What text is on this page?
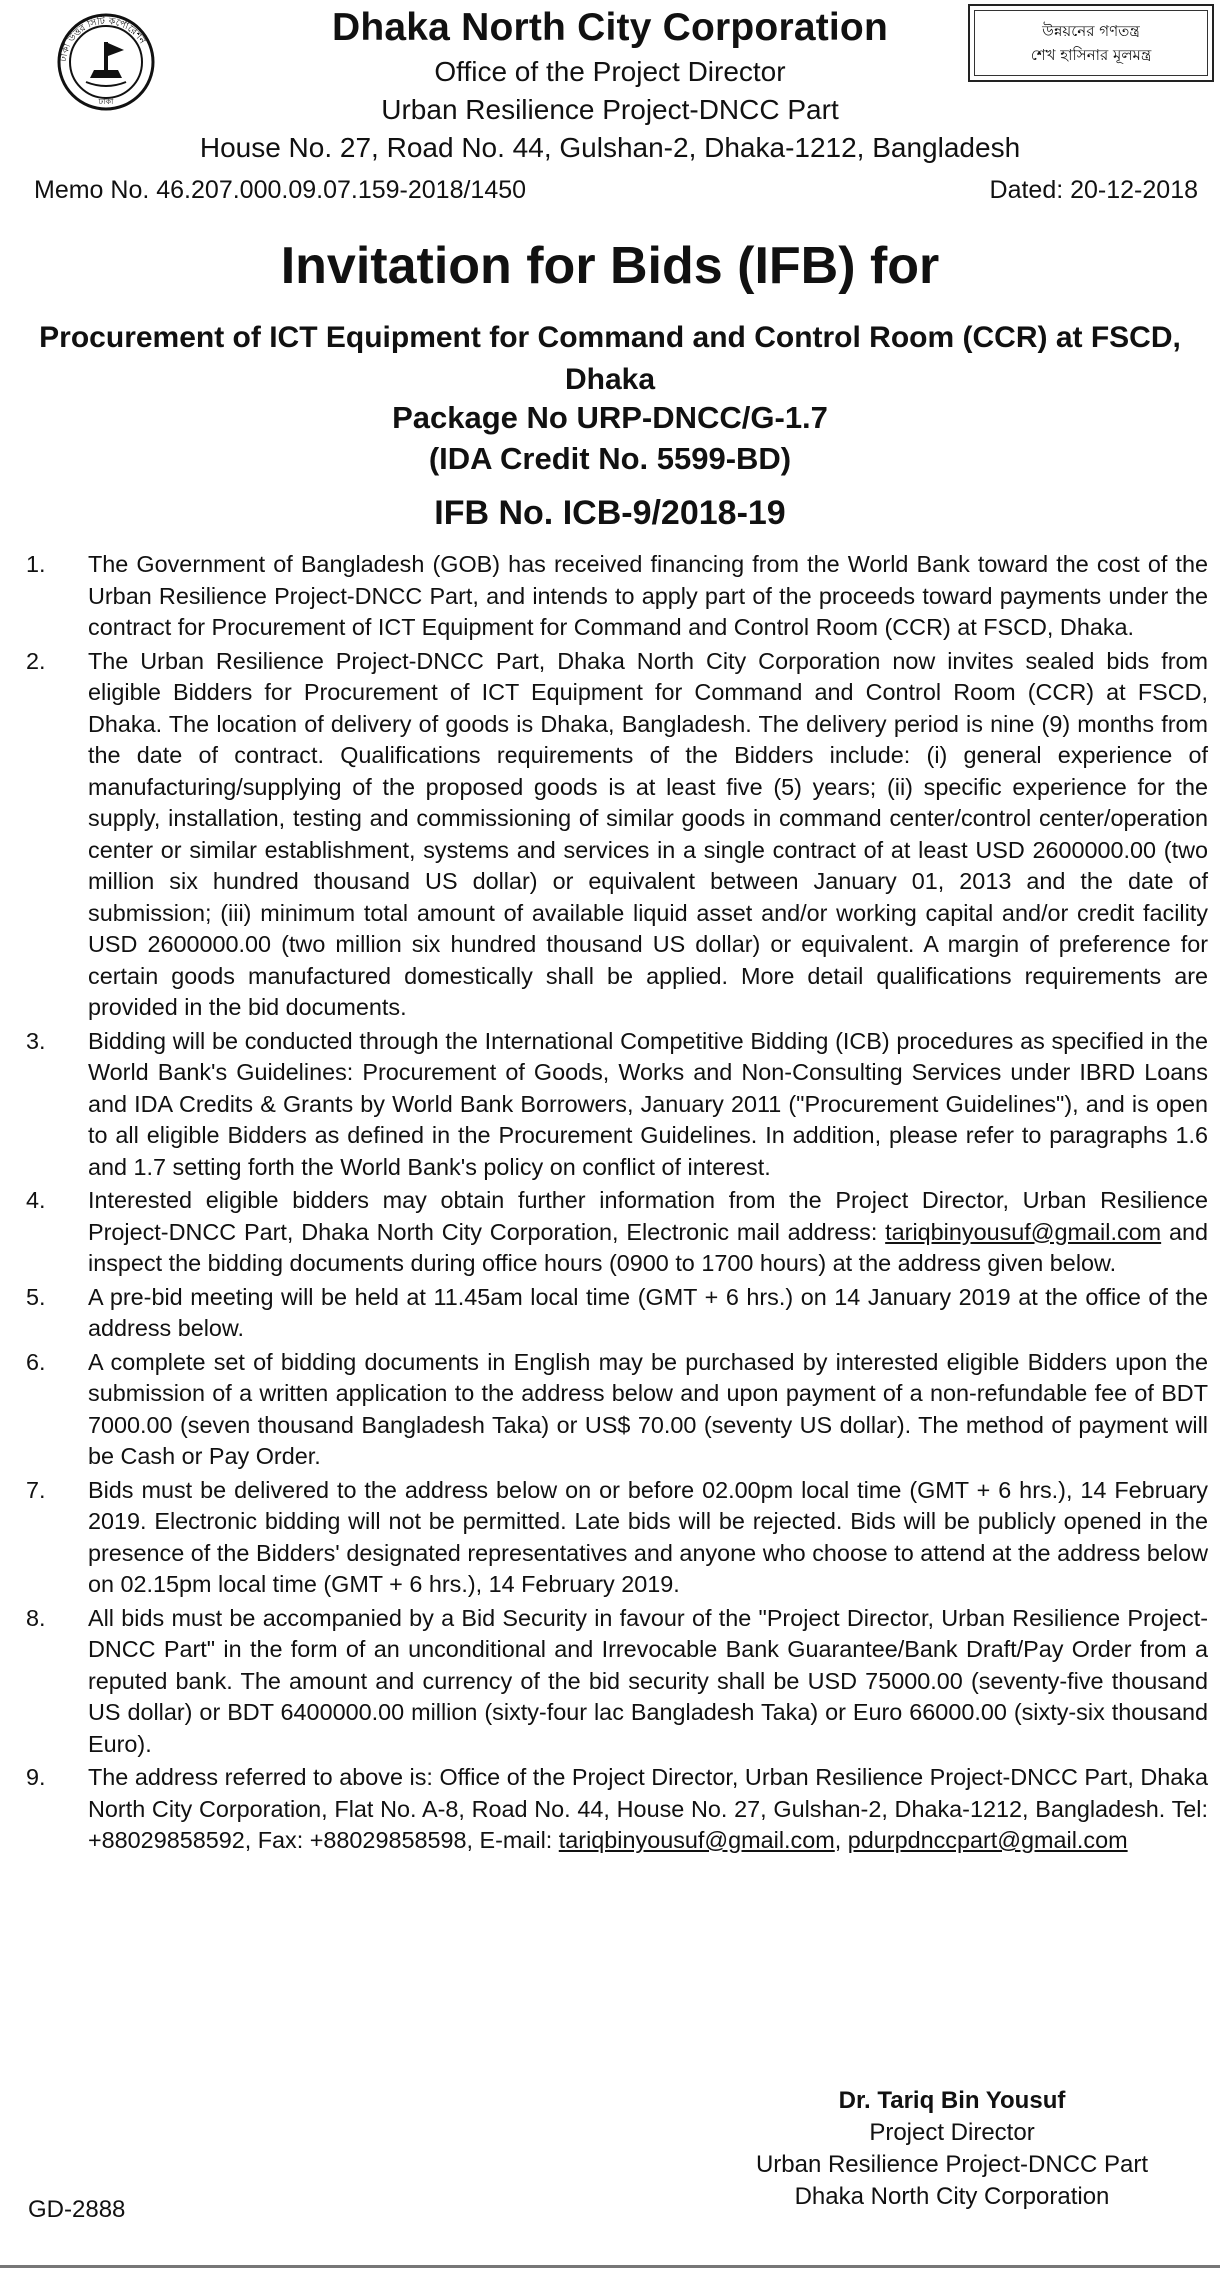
ঢাকা উত্তর সিটি কর্পোরেশন
ঢাকা
Dhaka North City Corporation
Office of the Project Director
Urban Resilience Project-DNCC Part
House No. 27, Road No. 44, Gulshan-2, Dhaka-1212, Bangladesh
উন্নয়নের গণতন্ত্র
শেখ হাসিনার মূলমন্ত্র
Memo No. 46.207.000.09.07.159-2018/1450	Dated: 20-12-2018
Invitation for Bids (IFB) for
Procurement of ICT Equipment for Command and Control Room (CCR) at FSCD,
Dhaka
Package No URP-DNCC/G-1.7
(IDA Credit No. 5599-BD)
IFB No. ICB-9/2018-19
1. The Government of Bangladesh (GOB) has received financing from the World Bank toward the cost of the Urban Resilience Project-DNCC Part, and intends to apply part of the proceeds toward payments under the contract for Procurement of ICT Equipment for Command and Control Room (CCR) at FSCD, Dhaka.
2. The Urban Resilience Project-DNCC Part, Dhaka North City Corporation now invites sealed bids from eligible Bidders for Procurement of ICT Equipment for Command and Control Room (CCR) at FSCD, Dhaka. The location of delivery of goods is Dhaka, Bangladesh. The delivery period is nine (9) months from the date of contract. Qualifications requirements of the Bidders include: (i) general experience of manufacturing/supplying of the proposed goods is at least five (5) years; (ii) specific experience for the supply, installation, testing and commissioning of similar goods in command center/control center/operation center or similar establishment, systems and services in a single contract of at least USD 2600000.00 (two million six hundred thousand US dollar) or equivalent between January 01, 2013 and the date of submission; (iii) minimum total amount of available liquid asset and/or working capital and/or credit facility USD 2600000.00 (two million six hundred thousand US dollar) or equivalent. A margin of preference for certain goods manufactured domestically shall be applied. More detail qualifications requirements are provided in the bid documents.
3. Bidding will be conducted through the International Competitive Bidding (ICB) procedures as specified in the World Bank's Guidelines: Procurement of Goods, Works and Non-Consulting Services under IBRD Loans and IDA Credits & Grants by World Bank Borrowers, January 2011 ("Procurement Guidelines"), and is open to all eligible Bidders as defined in the Procurement Guidelines. In addition, please refer to paragraphs 1.6 and 1.7 setting forth the World Bank's policy on conflict of interest.
4. Interested eligible bidders may obtain further information from the Project Director, Urban Resilience Project-DNCC Part, Dhaka North City Corporation, Electronic mail address: tariqbinyousuf@gmail.com and inspect the bidding documents during office hours (0900 to 1700 hours) at the address given below.
5. A pre-bid meeting will be held at 11.45am local time (GMT + 6 hrs.) on 14 January 2019 at the office of the address below.
6. A complete set of bidding documents in English may be purchased by interested eligible Bidders upon the submission of a written application to the address below and upon payment of a non-refundable fee of BDT 7000.00 (seven thousand Bangladesh Taka) or US$ 70.00 (seventy US dollar). The method of payment will be Cash or Pay Order.
7. Bids must be delivered to the address below on or before 02.00pm local time (GMT + 6 hrs.), 14 February 2019. Electronic bidding will not be permitted. Late bids will be rejected. Bids will be publicly opened in the presence of the Bidders' designated representatives and anyone who choose to attend at the address below on 02.15pm local time (GMT + 6 hrs.), 14 February 2019.
8. All bids must be accompanied by a Bid Security in favour of the "Project Director, Urban Resilience Project-DNCC Part" in the form of an unconditional and Irrevocable Bank Guarantee/Bank Draft/Pay Order from a reputed bank. The amount and currency of the bid security shall be USD 75000.00 (seventy-five thousand US dollar) or BDT 6400000.00 million (sixty-four lac Bangladesh Taka) or Euro 66000.00 (sixty-six thousand Euro).
9. The address referred to above is: Office of the Project Director, Urban Resilience Project-DNCC Part, Dhaka North City Corporation, Flat No. A-8, Road No. 44, House No. 27, Gulshan-2, Dhaka-1212, Bangladesh. Tel: +88029858592, Fax: +88029858598, E-mail: tariqbinyousuf@gmail.com, pdurpdnccpart@gmail.com
Dr. Tariq Bin Yousuf
Project Director
Urban Resilience Project-DNCC Part
Dhaka North City Corporation
GD-2888
